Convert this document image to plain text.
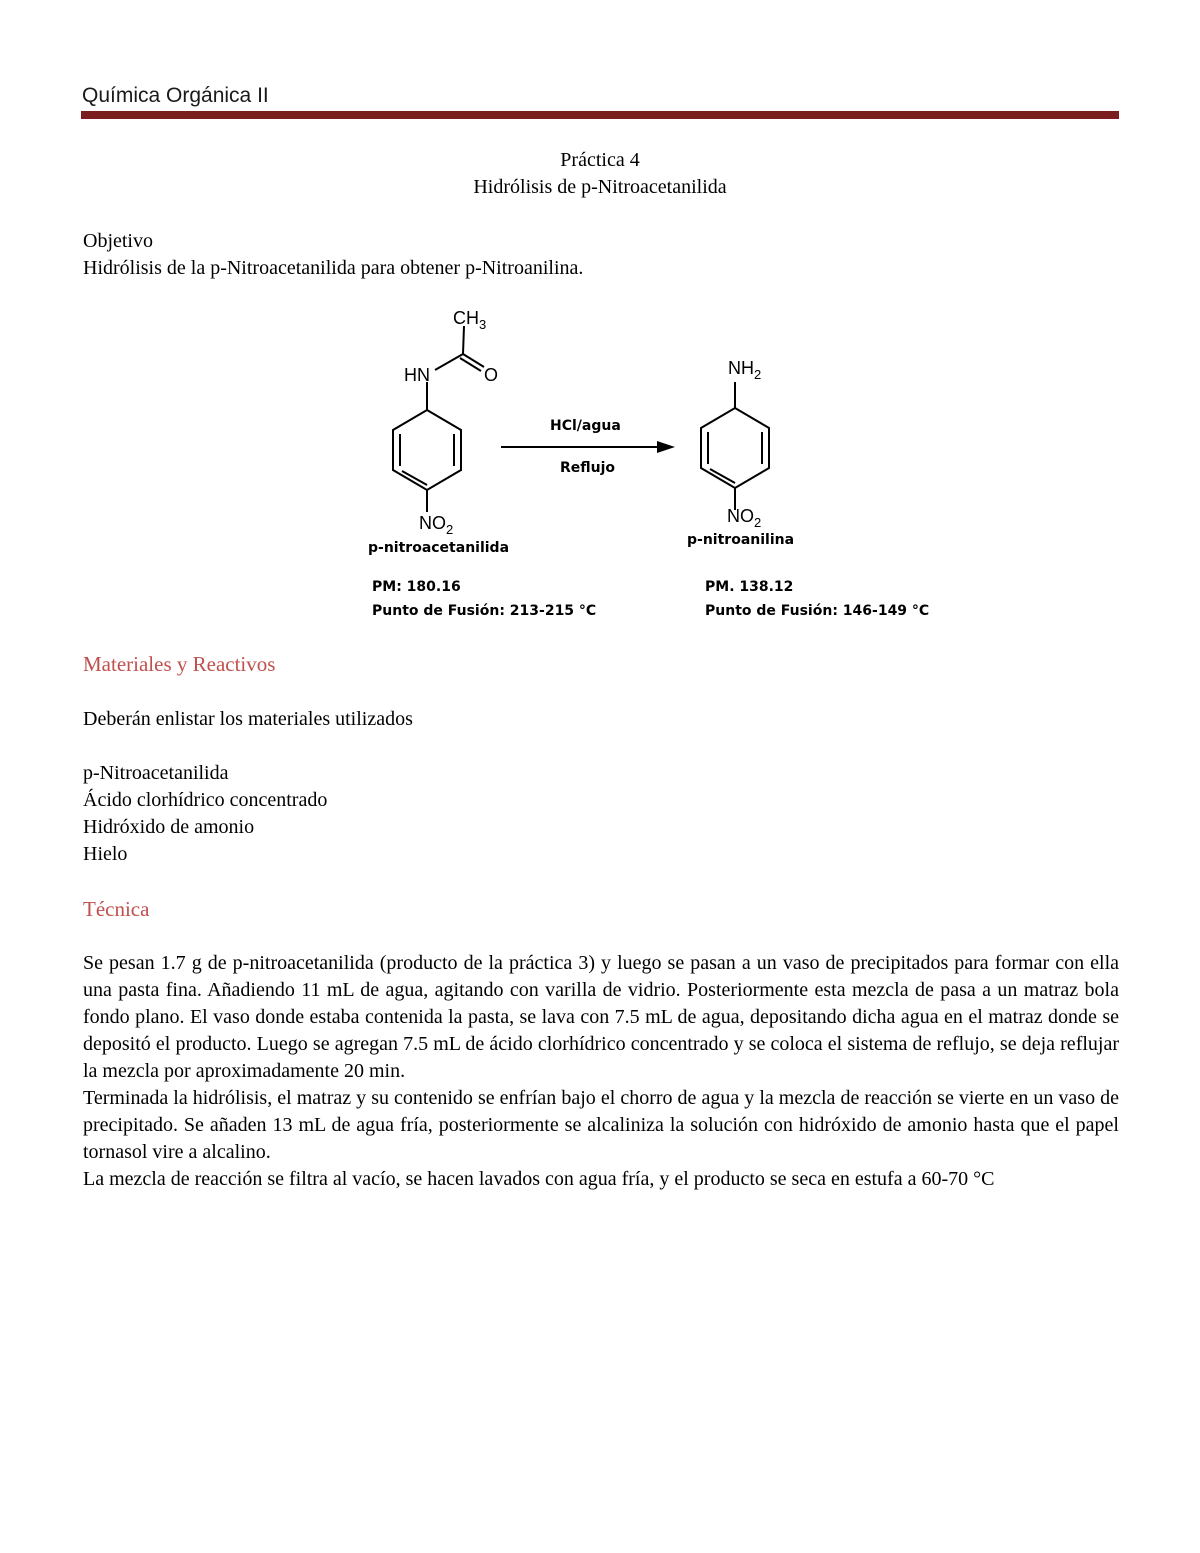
Química Orgánica II
Práctica 4
Hidrólisis de p-Nitroacetanilida
Objetivo
Hidrólisis de la p-Nitroacetanilida para obtener p-Nitroanilina.
$CH_3$
HN	O
$NO_2$
$NH_2$
$NO_2$
HCl/agua
Reflujo
p-nitroacetanilida	p-nitroanilina
PM: 180.16
Punto de Fusión: 213-215 °C
PM. 138.12
Punto de Fusión: 146-149 °C
Materiales y Reactivos
Deberán enlistar los materiales utilizados
p-Nitroacetanilida
Ácido clorhídrico concentrado
Hidróxido de amonio
Hielo
Técnica

Se pesan 1.7 g de p-nitroacetanilida (producto de la práctica 3) y luego se pasan a un vaso de precipitados para formar con ella una pasta fina. Añadiendo 11 mL de agua, agitando con varilla de vidrio. Posteriormente esta mezcla de pasa a un matraz bola fondo plano. El vaso donde estaba contenida la pasta, se lava con 7.5 mL de agua, depositando dicha agua en el matraz donde se depositó el producto. Luego se agregan 7.5 mL de ácido clorhídrico concentrado y se coloca el sistema de reflujo, se deja reflujar la mezcla por aproximadamente 20 min.

Terminada la hidrólisis, el matraz y su contenido se enfrían bajo el chorro de agua y la mezcla de reacción se vierte en un vaso de precipitado. Se añaden 13 mL de agua fría, posteriormente se alcaliniza la solución con hidróxido de amonio hasta que el papel tornasol vire a alcalino.

La mezcla de reacción se filtra al vacío, se hacen lavados con agua fría, y el producto se seca en estufa a 60-70 °C
